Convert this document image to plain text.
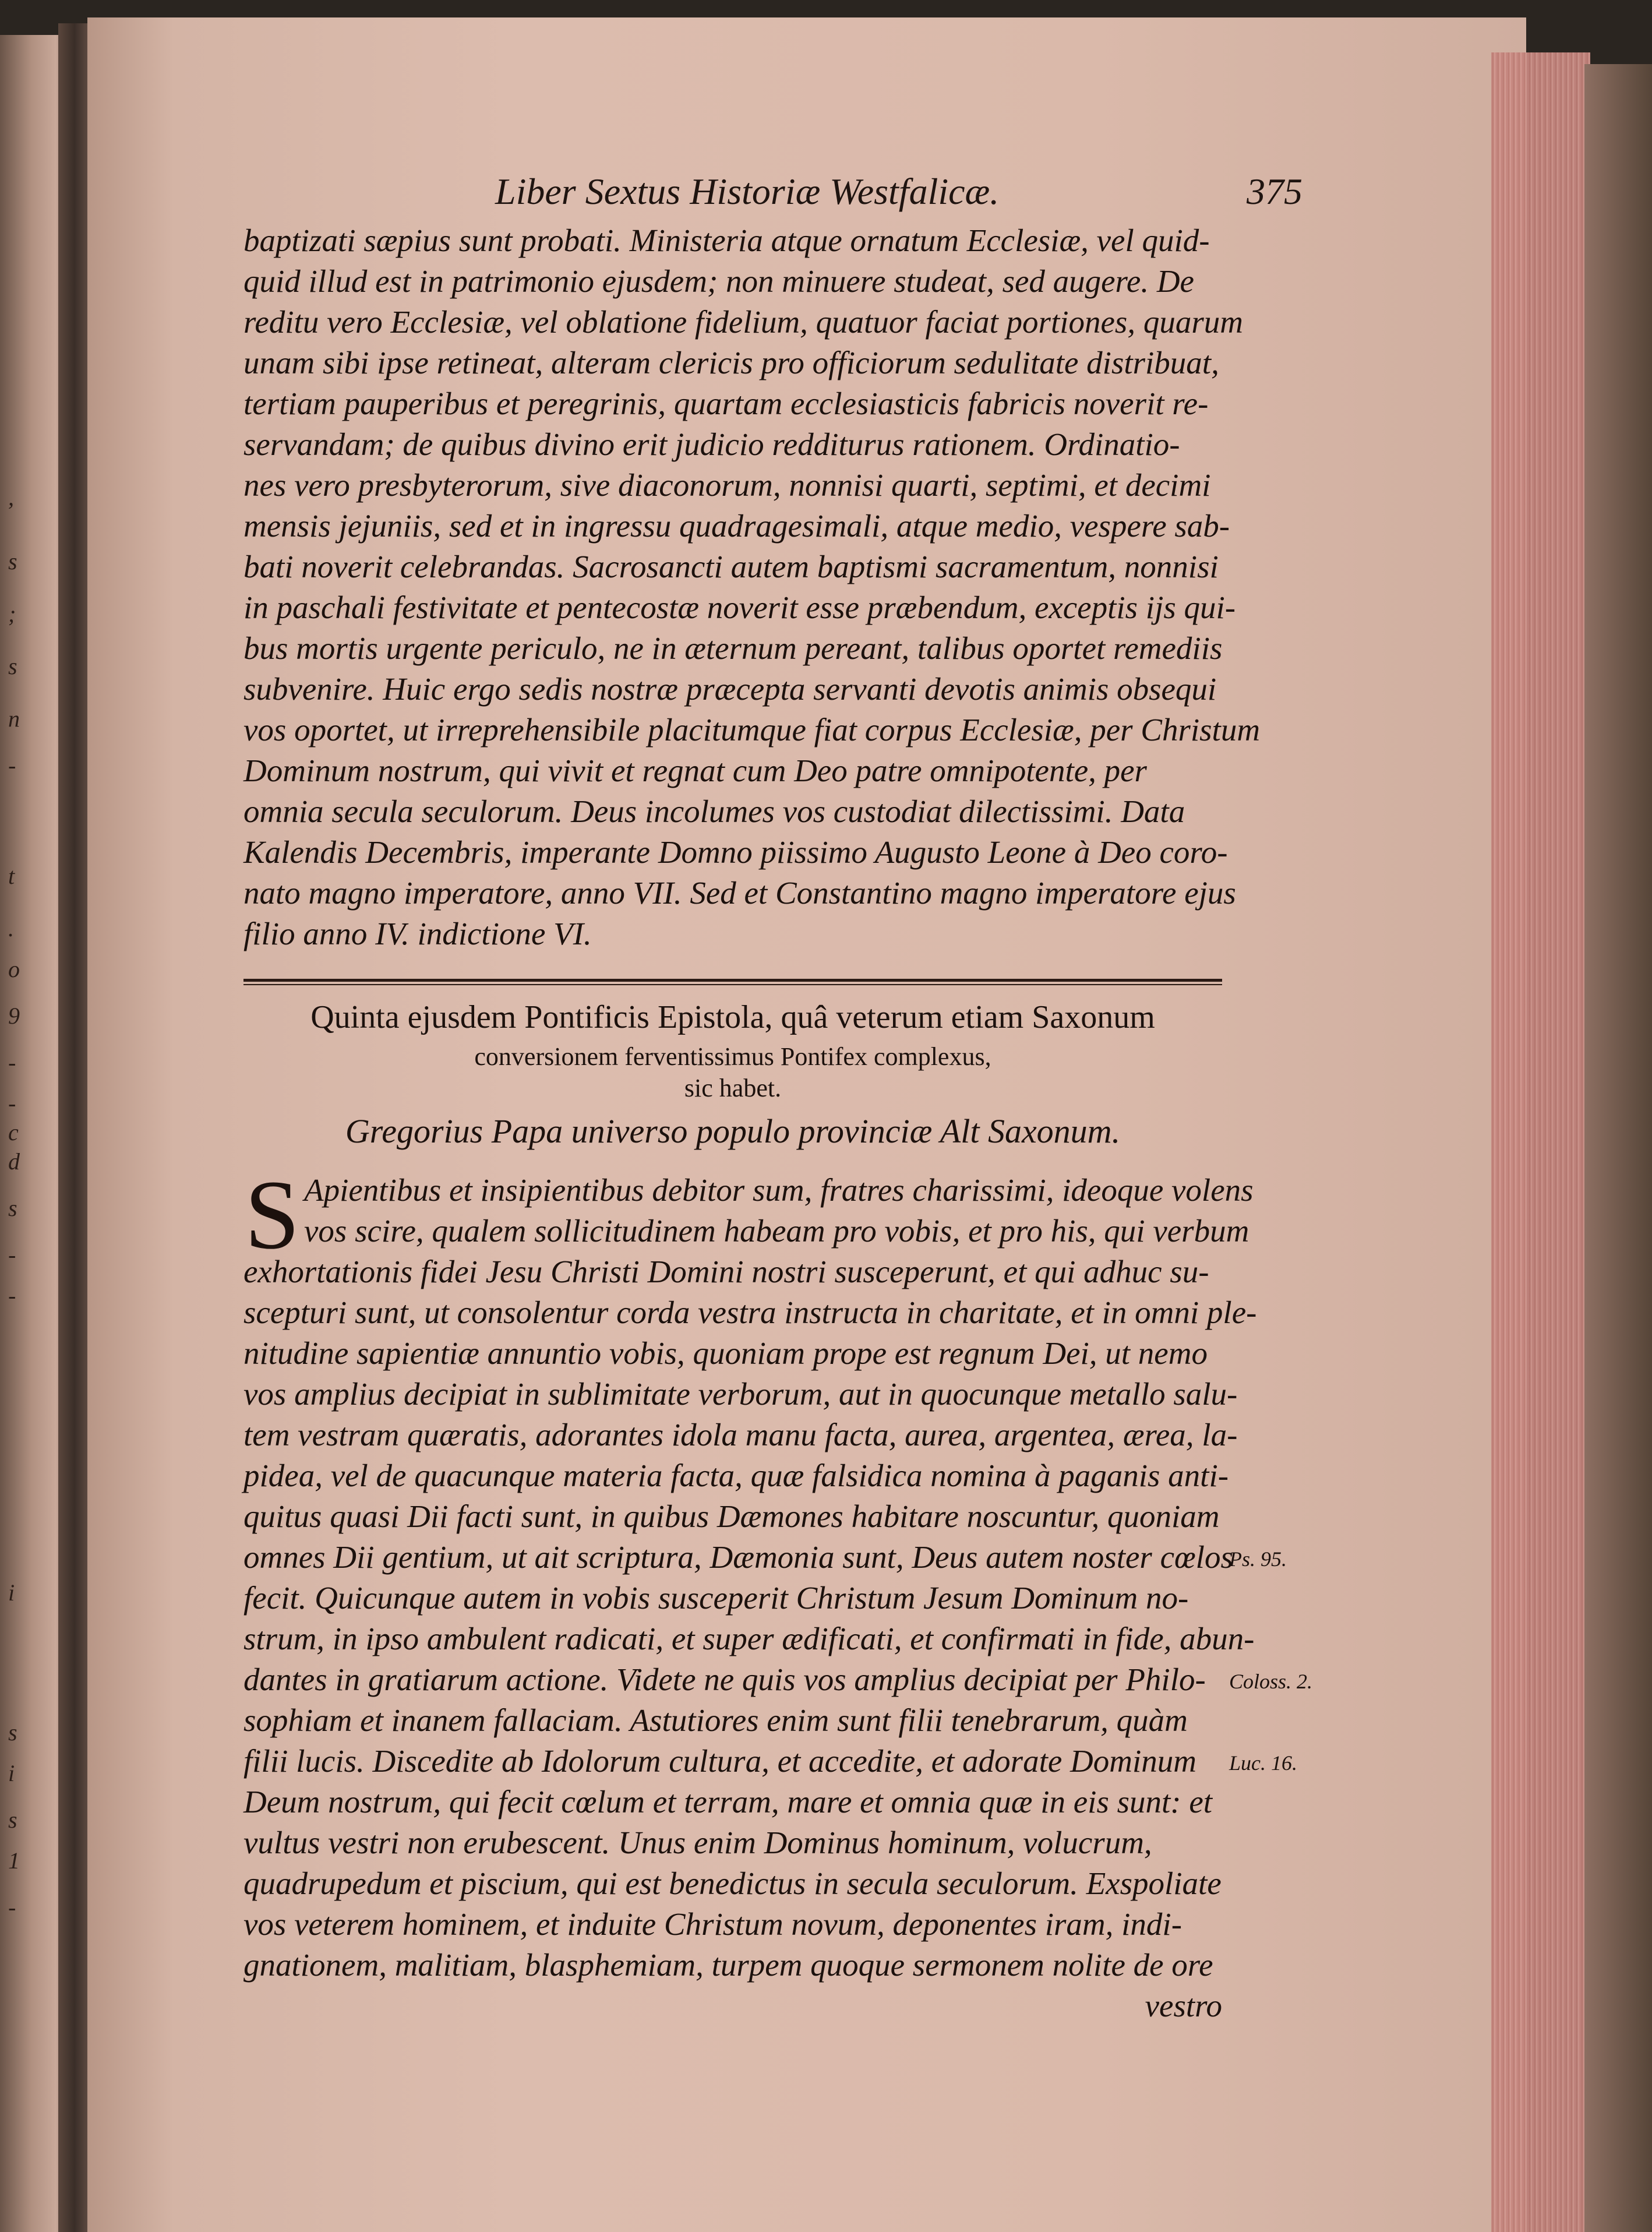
,
s
;
s
n
-
t
.
o
9
-
-
c
d
s
-
-
i
s
i
s
1
-
Liber Sextus Historiæ Westfalicæ.	375
baptizati sæpius sunt probati. Ministeria atque ornatum Ecclesiæ, vel quid-
quid illud est in patrimonio ejusdem; non minuere studeat, sed augere. De
reditu vero Ecclesiæ, vel oblatione fidelium, quatuor faciat portiones, quarum
unam sibi ipse retineat, alteram clericis pro officiorum sedulitate distribuat,
tertiam pauperibus et peregrinis, quartam ecclesiasticis fabricis noverit re-
servandam; de quibus divino erit judicio redditurus rationem. Ordinatio-
nes vero presbyterorum, sive diaconorum, nonnisi quarti, septimi, et decimi
mensis jejuniis, sed et in ingressu quadragesimali, atque medio, vespere sab-
bati noverit celebrandas. Sacrosancti autem baptismi sacramentum, nonnisi
in paschali festivitate et pentecostæ noverit esse præbendum, exceptis ijs qui-
bus mortis urgente periculo, ne in æternum pereant, talibus oportet remediis
subvenire. Huic ergo sedis nostræ præcepta servanti devotis animis obsequi
vos oportet, ut irreprehensibile placitumque fiat corpus Ecclesiæ, per Christum
Dominum nostrum, qui vivit et regnat cum Deo patre omnipotente, per
omnia secula seculorum. Deus incolumes vos custodiat dilectissimi. Data
Kalendis Decembris, imperante Domno piissimo Augusto Leone à Deo coro-
nato magno imperatore, anno VII. Sed et Constantino magno imperatore ejus
filio anno IV. indictione VI.
Quinta ejusdem Pontificis Epistola, quâ veterum etiam Saxonum
conversionem ferventissimus Pontifex complexus,
sic habet.
Gregorius Papa universo populo provinciæ Alt Saxonum.
S Apientibus et insipientibus debitor sum, fratres charissimi, ideoque volens
vos scire, qualem sollicitudinem habeam pro vobis, et pro his, qui verbum
exhortationis fidei Jesu Christi Domini nostri susceperunt, et qui adhuc su-
scepturi sunt, ut consolentur corda vestra instructa in charitate, et in omni ple-
nitudine sapientiæ annuntio vobis, quoniam prope est regnum Dei, ut nemo
vos amplius decipiat in sublimitate verborum, aut in quocunque metallo salu-
tem vestram quæratis, adorantes idola manu facta, aurea, argentea, ærea, la-
pidea, vel de quacunque materia facta, quæ falsidica nomina à paganis anti-
quitus quasi Dii facti sunt, in quibus Dæmones habitare noscuntur, quoniam
omnes Dii gentium, ut ait scriptura, Dæmonia sunt, Deus autem noster cœlos
fecit. Quicunque autem in vobis susceperit Christum Jesum Dominum no-
strum, in ipso ambulent radicati, et super ædificati, et confirmati in fide, abun-
dantes in gratiarum actione. Videte ne quis vos amplius decipiat per Philo-
sophiam et inanem fallaciam. Astutiores enim sunt filii tenebrarum, quàm
filii lucis. Discedite ab Idolorum cultura, et accedite, et adorate Dominum
Deum nostrum, qui fecit cœlum et terram, mare et omnia quæ in eis sunt: et
vultus vestri non erubescent. Unus enim Dominus hominum, volucrum,
quadrupedum et piscium, qui est benedictus in secula seculorum. Exspoliate
vos veterem hominem, et induite Christum novum, deponentes iram, indi-
gnationem, malitiam, blasphemiam, turpem quoque sermonem nolite de ore
vestro
Ps. 95.
Coloss. 2.
Luc. 16.
